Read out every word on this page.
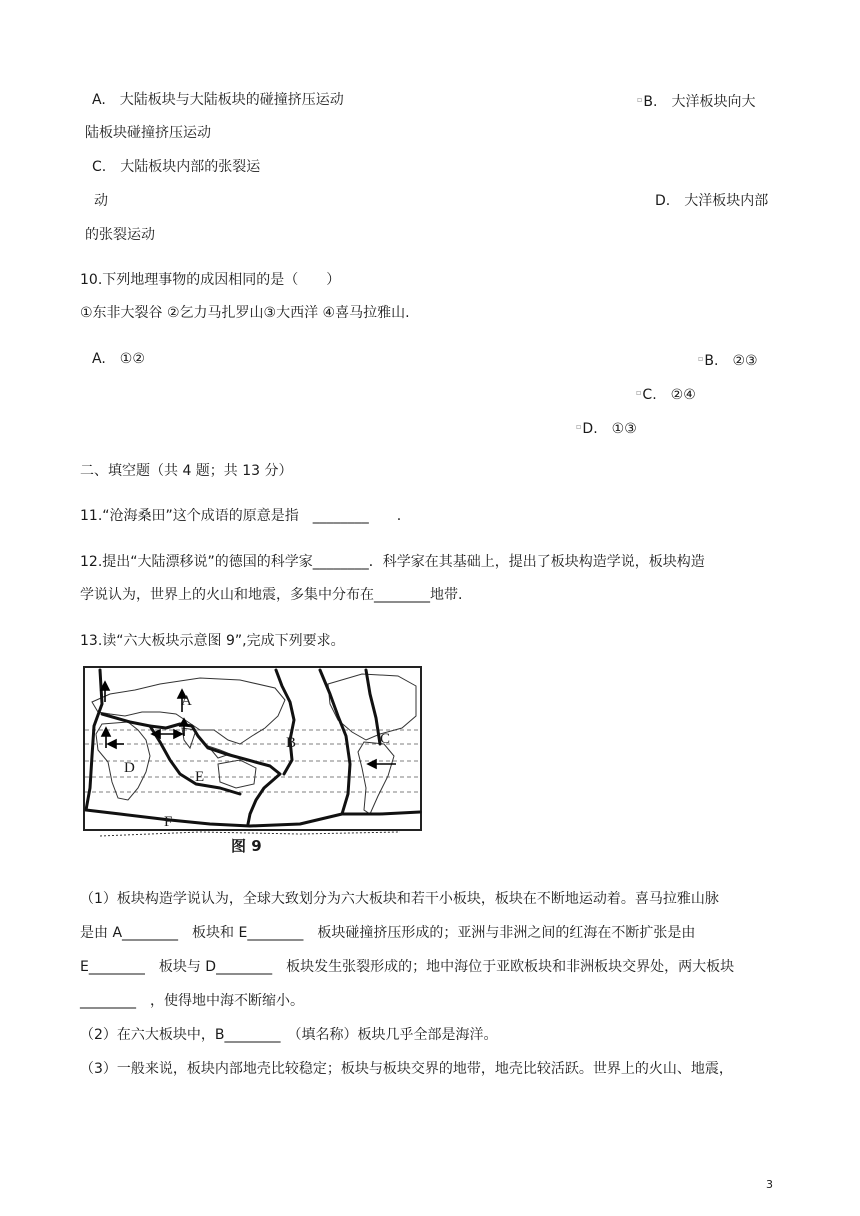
A.　大陆板块与大陆板块的碰撞挤压运动	▫B.　大洋板块向大
陆板块碰撞挤压运动
C.　大陆板块内部的张裂运
动	D.　大洋板块内部
的张裂运动
10.下列地理事物的成因相同的是（　　）
①东非大裂谷 ②乞力马扎罗山③大西洋 ④喜马拉雅山.
A.　①②	▫B.　②③
▫C.　②④
▫D.　①③
二、填空题（共 4 题；共 13 分）
11.“沧海桑田”这个成语的原意是指　________　　.
12.提出“大陆漂移说”的德国的科学家________．科学家在其基础上，提出了板块构造学说，板块构造
学说认为，世界上的火山和地震，多集中分布在________地带.
13.读“六大板块示意图 9”,完成下列要求。
A
B	C
D
E
F
图 9
（1）板块构造学说认为，全球大致划分为六大板块和若干小板块，板块在不断地运动着。喜马拉雅山脉
是由 A________　板块和 E________　板块碰撞挤压形成的；亚洲与非洲之间的红海在不断扩张是由
E________　板块与 D________　板块发生张裂形成的；地中海位于亚欧板块和非洲板块交界处，两大板块
________　，使得地中海不断缩小。
（2）在六大板块中，B________　（填名称）板块几乎全部是海洋。
（3）一般来说，板块内部地壳比较稳定；板块与板块交界的地带，地壳比较活跃。世界上的火山、地震，
3
